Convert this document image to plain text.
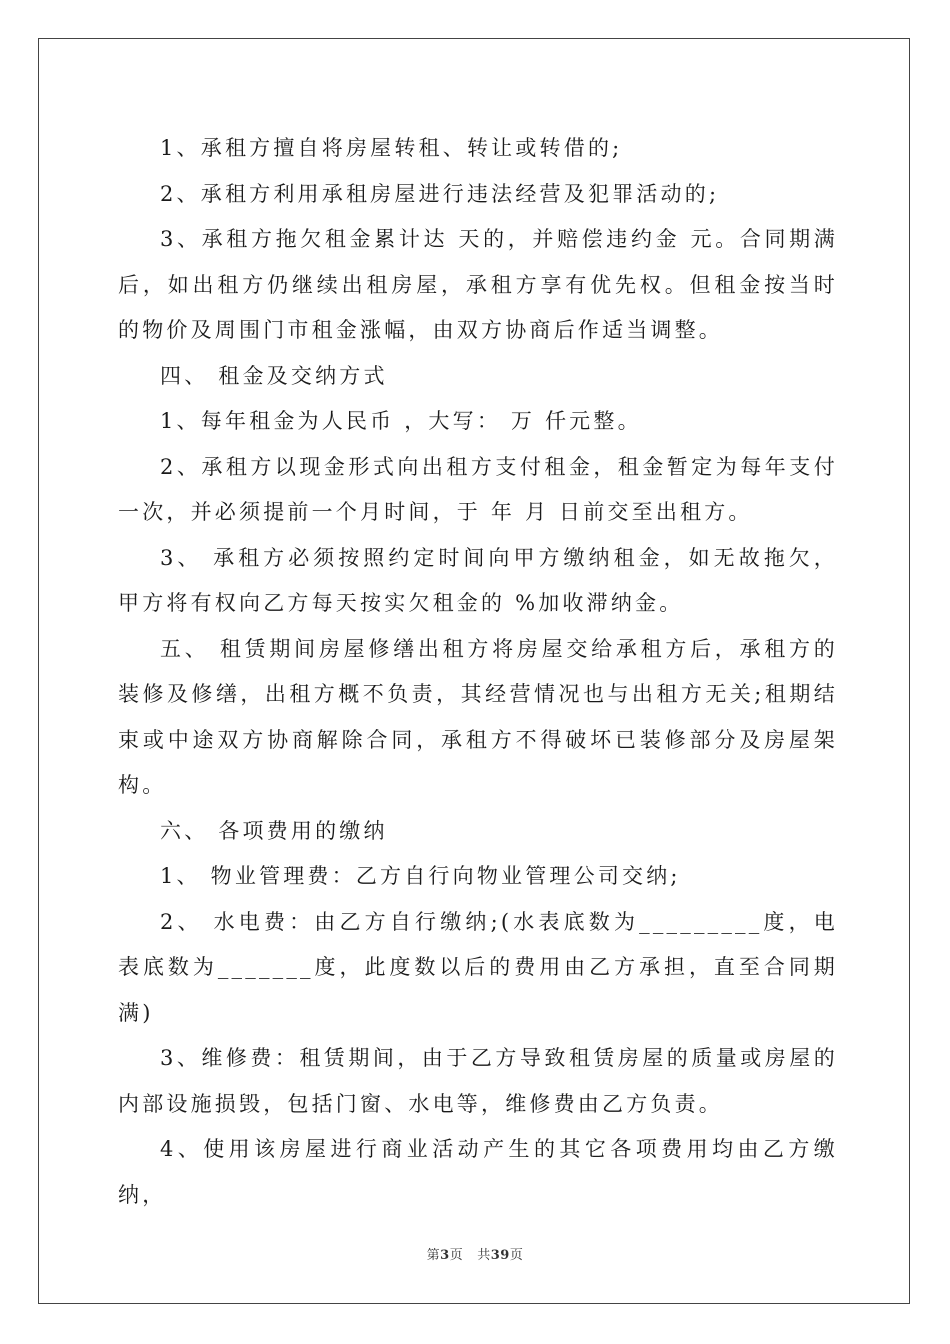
1、承租方擅自将房屋转租、转让或转借的;

2、承租方利用承租房屋进行违法经营及犯罪活动的;

3、承租方拖欠租金累计达 天的，并赔偿违约金 元。合同期满后，如出租方仍继续出租房屋，承租方享有优先权。但租金按当时的物价及周围门市租金涨幅，由双方协商后作适当调整。

四、 租金及交纳方式

1、每年租金为人民币 ，大写： 万 仟元整。

2、承租方以现金形式向出租方支付租金，租金暂定为每年支付一次，并必须提前一个月时间，于 年 月 日前交至出租方。

3、 承租方必须按照约定时间向甲方缴纳租金，如无故拖欠，甲方将有权向乙方每天按实欠租金的 %加收滞纳金。

五、 租赁期间房屋修缮出租方将房屋交给承租方后，承租方的装修及修缮，出租方概不负责，其经营情况也与出租方无关;租期结束或中途双方协商解除合同，承租方不得破坏已装修部分及房屋架构。

六、 各项费用的缴纳

1、 物业管理费：乙方自行向物业管理公司交纳;

2、 水电费：由乙方自行缴纳;(水表底数为_________度，电表底数为_______度，此度数以后的费用由乙方承担，直至合同期满)

3、维修费：租赁期间，由于乙方导致租赁房屋的质量或房屋的内部设施损毁，包括门窗、水电等，维修费由乙方负责。

4、使用该房屋进行商业活动产生的其它各项费用均由乙方缴纳，

第3页 共39页
